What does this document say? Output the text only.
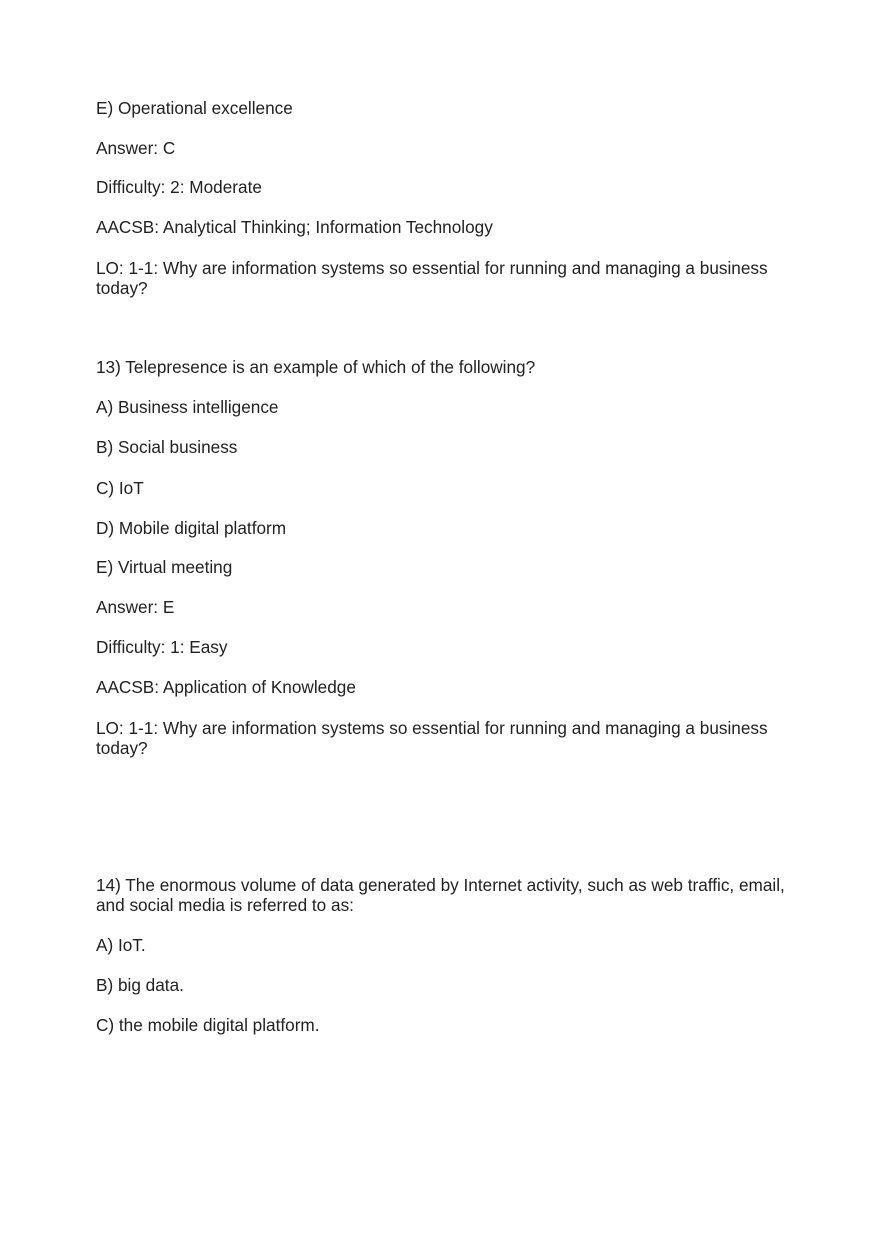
E) Operational excellence
Answer: C
Difficulty: 2: Moderate
AACSB: Analytical Thinking; Information Technology
LO: 1-1: Why are information systems so essential for running and managing a business today?
13) Telepresence is an example of which of the following?
A) Business intelligence
B) Social business
C) IoT
D) Mobile digital platform
E) Virtual meeting
Answer: E
Difficulty: 1: Easy
AACSB: Application of Knowledge
LO: 1-1: Why are information systems so essential for running and managing a business today?
14) The enormous volume of data generated by Internet activity, such as web traffic, email, and social media is referred to as:
A) IoT.
B) big data.
C) the mobile digital platform.
